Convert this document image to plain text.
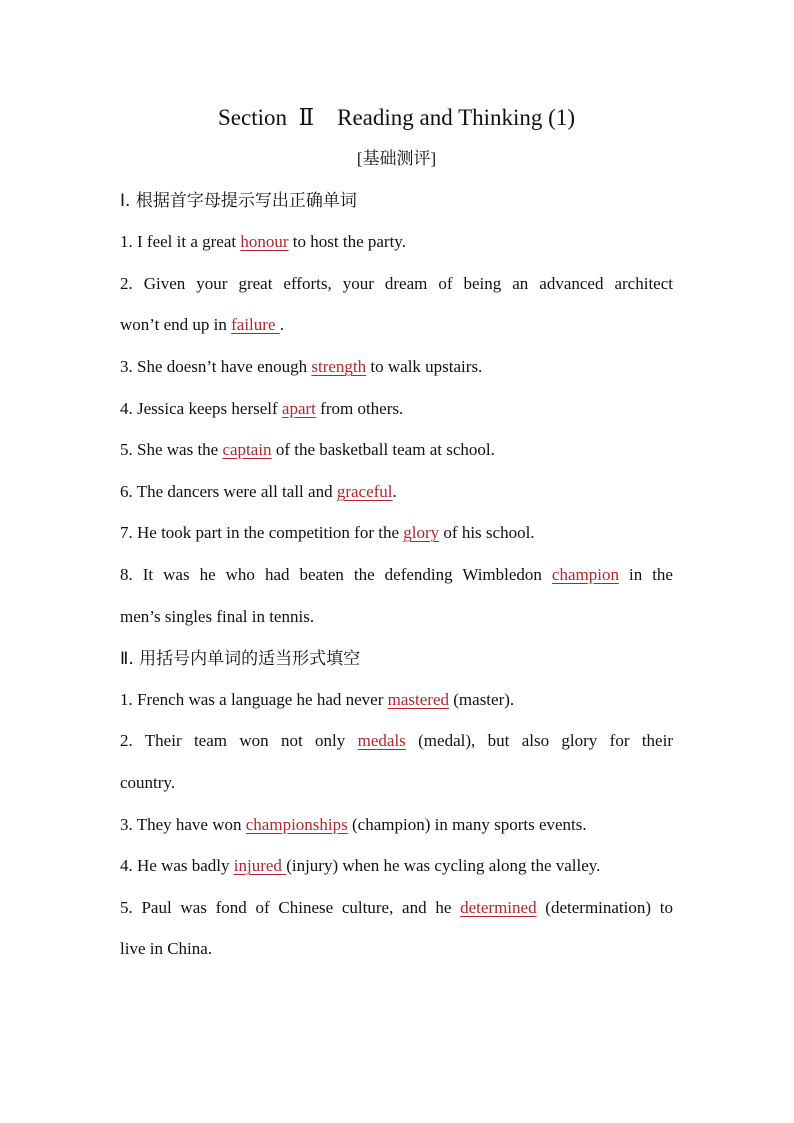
Section  Ⅱ    Reading and Thinking (1)
[基础测评]
Ⅰ. 根据首字母提示写出正确单词
1. I feel it a great honour to host the party.
2. Given your great efforts, your dream of being an advanced architect
won’t end up in failure .
3. She doesn’t have enough strength to walk upstairs.
4. Jessica keeps herself apart from others.
5. She was the captain of the basketball team at school.
6. The dancers were all tall and graceful.
7. He took part in the competition for the glory of his school.
8. It was he who had beaten the defending Wimbledon champion in the
men’s singles final in tennis.
Ⅱ. 用括号内单词的适当形式填空
1. French was a language he had never mastered (master).
2. Their team won not only medals (medal), but also glory for their
country.
3. They have won championships (champion) in many sports events.
4. He was badly injured (injury) when he was cycling along the valley.
5. Paul was fond of Chinese culture, and he determined (determination) to
live in China.
